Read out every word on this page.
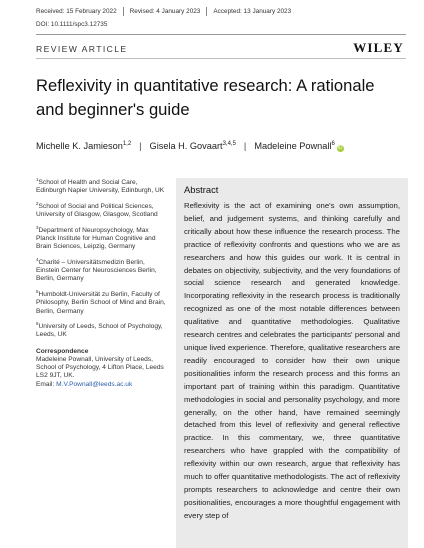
Received: 15 February 2022 Revised: 4 January 2023 Accepted: 13 January 2023
DOI: 10.1111/spc3.12735
REVIEW ARTICLE	WILEY
Reflexivity in quantitative research: A rationale and beginner's guide
Michelle K. Jamieson$^{1,2}$ | Gisela H. Govaart$^{3,4,5}$ | Madeleine Pownall$^6$
iD
$^1$School of Health and Social Care, Edinburgh Napier University, Edinburgh, UK
$^2$School of Social and Political Sciences, University of Glasgow, Glasgow, Scotland
$^3$Department of Neuropsychology, Max Planck Institute for Human Cognitive and Brain Sciences, Leipzig, Germany
$^4$Charité – Universitätsmedizin Berlin, Einstein Center for Neurosciences Berlin, Berlin, Germany
$^5$Humboldt-Universität zu Berlin, Faculty of Philosophy, Berlin School of Mind and Brain, Berlin, Germany
$^6$University of Leeds, School of Psychology, Leeds, UK
Correspondence
Madeleine Pownall, University of Leeds, School of Psychology, 4 Lifton Place, Leeds LS2 9JT, UK.
Email: M.V.Pownall@leeds.ac.uk
Abstract

Reflexivity is the act of examining one's own assumption, belief, and judgement systems, and thinking carefully and critically about how these influence the research process. The practice of reflexivity confronts and questions who we are as researchers and how this guides our work. It is central in debates on objectivity, subjectivity, and the very foundations of social science research and generated knowledge. Incorporating reflexivity in the research process is traditionally recognized as one of the most notable differences between qualitative and quantitative methodologies. Qualitative research centres and celebrates the participants' personal and unique lived experience. Therefore, qualitative researchers are readily encouraged to consider how their own unique positionalities inform the research process and this forms an important part of training within this paradigm. Quantitative methodologies in social and personality psychology, and more generally, on the other hand, have remained seemingly detached from this level of reflexivity and general reflective practice. In this commentary, we, three quantitative researchers who have grappled with the compatibility of reflexivity within our own research, argue that reflexivity has much to offer quantitative methodologists. The act of reflexivity prompts researchers to acknowledge and centre their own positionalities, encourages a more thoughtful engagement with every step of
